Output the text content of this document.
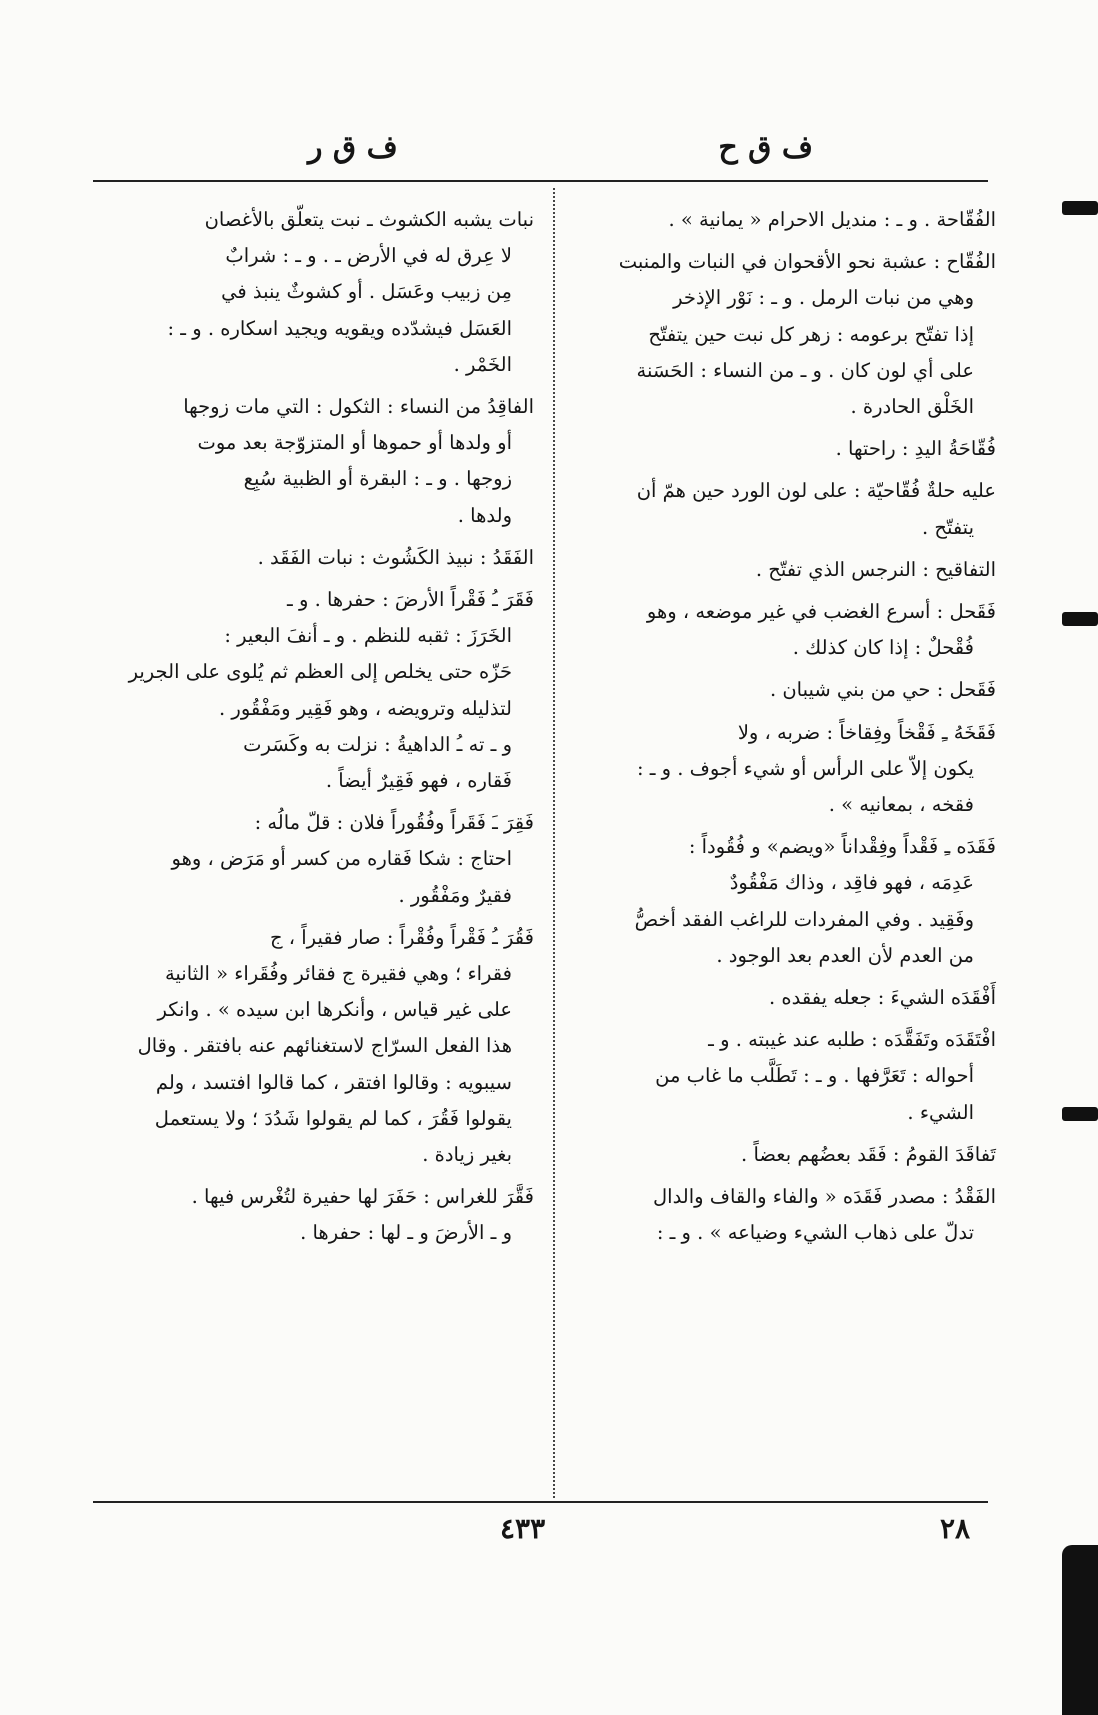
ف ق ح
ف ق ر
الفُقّاحة . و ـ : منديل الاحرام « يمانية » .

الفُقّاح : عشبة نحو الأقحوان في النبات والمنبت

وهي من نبات الرمل . و ـ : نَوْر الإذخر
إذا تفتّح برعومه : زهر كل نبت حين يتفتّح
على أي لون كان . و ـ من النساء : الحَسَنة
الخَلْق الحادرة .
فُقّاحَةُ اليدِ : راحتها .

عليه حلةٌ فُقّاحيّة : على لون الورد حين همّ أن

يتفتّح .
التفاقيح : النرجس الذي تفتّح .

فَقَحل : أسرع الغضب في غير موضعه ، وهو

فُقْحلٌ : إذا كان كذلك .
فَقَحل : حي من بني شيبان .

فَقَخَهُ ـِ فَقْخاً وفِقاخاً : ضربه ، ولا

يكون إلاّ على الرأس أو شيء أجوف . و ـ :
فقخه ، بمعانيه » .
فَقَدَه ـِ فَقْداً وفِقْداناً «ويضم» و فُقُوداً :

عَدِمَه ، فهو فاقِد ، وذاك مَفْقُودٌ
وفَقِيد . وفي المفردات للراغب الفقد أخصُّ
من العدم لأن العدم بعد الوجود .
أَفْقَدَه الشيءَ : جعله يفقده .

افْتَقَدَه وتَفَقَّدَه : طلبه عند غيبته . و ـ

أحواله : تَعَرَّفها . و ـ : تَطَلَّب ما غاب من
الشيء .
تَفاقَدَ القومُ : فَقَد بعضُهم بعضاً .

الفَقْدُ : مصدر فَقَدَه « والفاء والقاف والدال

تدلّ على ذهاب الشيء وضياعه » . و ـ :
نبات يشبه الكشوث ـ نبت يتعلّق بالأغصان

لا عِرق له في الأرض ـ . و ـ : شرابٌ
مِن زبيب وعَسَل . أو كشوثٌ ينبذ في
العَسَل فيشدّده ويقويه ويجيد اسكاره . و ـ :
الخَمْر .
الفاقِدُ من النساء : الثكول : التي مات زوجها

أو ولدها أو حموها أو المتزوّجة بعد موت
زوجها . و ـ : البقرة أو الظبية سُبِع
ولدها .
الفَقَدُ : نبيذ الكَشُوث : نبات الفَقَد .

فَقَرَ ـُ فَقْراً الأرضَ : حفرها . و ـ

الخَرَزَ : ثقبه للنظم . و ـ أنفَ البعير :
حَزّه حتى يخلص إلى العظم ثم يُلوى على الجرير
لتذليله وترويضه ، وهو فَقِير ومَفْقُور .
و ـ ته ـُ الداهيةُ : نزلت به وكَسَرت
فَقاره ، فهو فَقِيرٌ أيضاً .
فَقِرَ ـَ فَقَراً وفُقُوراً فلان : قلّ مالُه :

احتاج : شكا فَقاره من كسر أو مَرَض ، وهو
فقيرٌ ومَفْقُور .
فَقُرَ ـُ فَقْراً وفُقْراً : صار فقيراً ، ج

فقراء ؛ وهي فقيرة ج فقائر وفُقَراء « الثانية
على غير قياس ، وأنكرها ابن سيده » . وانكر
هذا الفعل السرّاج لاستغنائهم عنه بافتقر . وقال
سيبويه : وقالوا افتقر ، كما قالوا افتسد ، ولم
يقولوا فَقُرَ ، كما لم يقولوا شَدُدَ ؛ ولا يستعمل
بغير زيادة .
فَقَّرَ للغراس : حَفَرَ لها حفيرة لتُغْرس فيها .

و ـ الأرضَ و ـ لها : حفرها .
٢٨
٤٣٣
